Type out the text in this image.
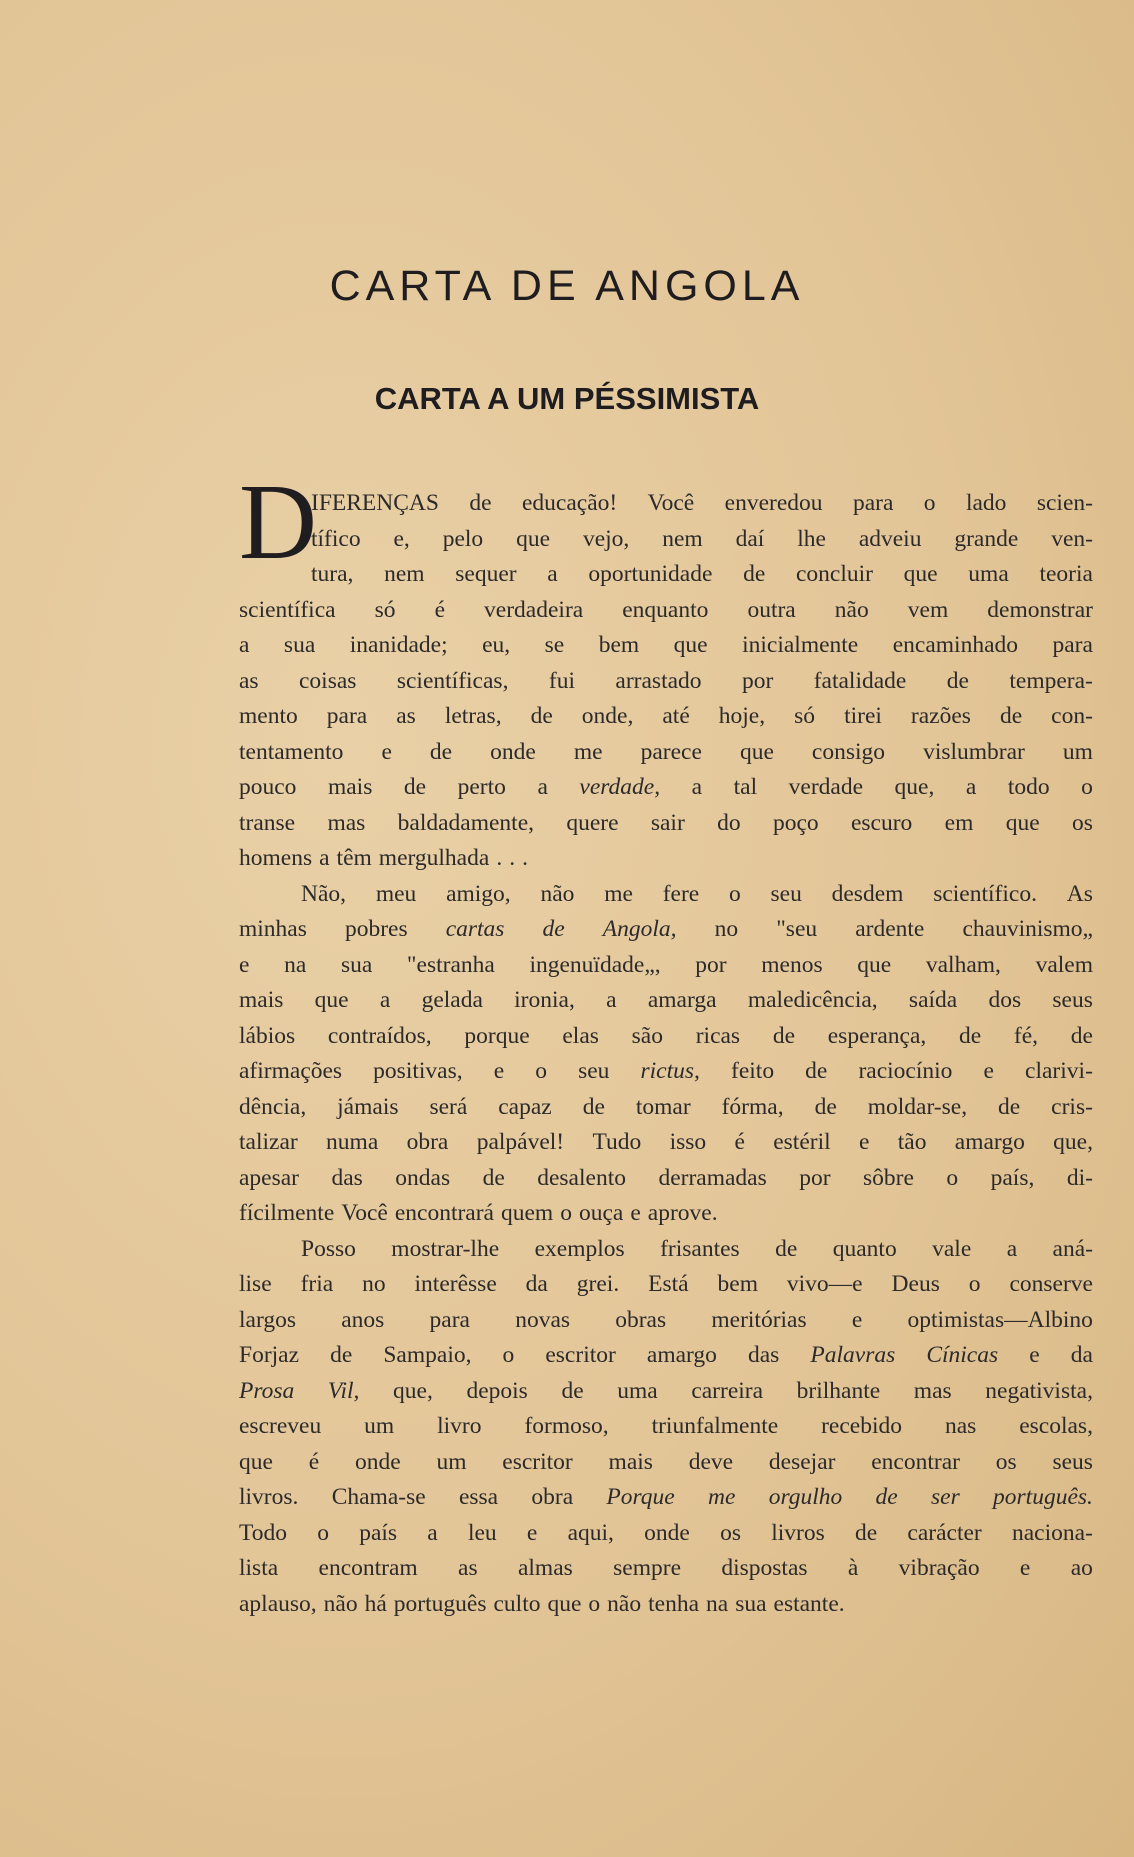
CARTA DE ANGOLA
CARTA A UM PÉSSIMISTA
D
IFERENÇAS de educação! Você enveredou para o lado scien-
tífico e, pelo que vejo, nem daí lhe adveiu grande ven-
tura, nem sequer a oportunidade de concluir que uma teoria
scientífica só é verdadeira enquanto outra não vem demonstrar
a sua inanidade; eu, se bem que inicialmente encaminhado para
as coisas scientíficas, fui arrastado por fatalidade de tempera-
mento para as letras, de onde, até hoje, só tirei razões de con-
tentamento e de onde me parece que consigo vislumbrar um
pouco mais de perto a verdade, a tal verdade que, a todo o
transe mas baldadamente, quere sair do poço escuro em que os
homens a têm mergulhada . . .
Não, meu amigo, não me fere o seu desdem scientífico. As
minhas pobres cartas de Angola, no "seu ardente chauvinismo„
e na sua "estranha ingenuïdade„, por menos que valham, valem
mais que a gelada ironia, a amarga maledicência, saída dos seus
lábios contraídos, porque elas são ricas de esperança, de fé, de
afirmações positivas, e o seu rictus, feito de raciocínio e clarivi-
dência, jámais será capaz de tomar fórma, de moldar-se, de cris-
talizar numa obra palpável! Tudo isso é estéril e tão amargo que,
apesar das ondas de desalento derramadas por sôbre o país, di-
fícilmente Você encontrará quem o ouça e aprove.
Posso mostrar-lhe exemplos frisantes de quanto vale a aná-
lise fria no interêsse da grei. Está bem vivo—e Deus o conserve
largos anos para novas obras meritórias e optimistas—Albino
Forjaz de Sampaio, o escritor amargo das Palavras Cínicas e da
Prosa Vil, que, depois de uma carreira brilhante mas negativista,
escreveu um livro formoso, triunfalmente recebido nas escolas,
que é onde um escritor mais deve desejar encontrar os seus
livros. Chama-se essa obra Porque me orgulho de ser português.
Todo o país a leu e aqui, onde os livros de carácter naciona-
lista encontram as almas sempre dispostas à vibração e ao
aplauso, não há português culto que o não tenha na sua estante.
